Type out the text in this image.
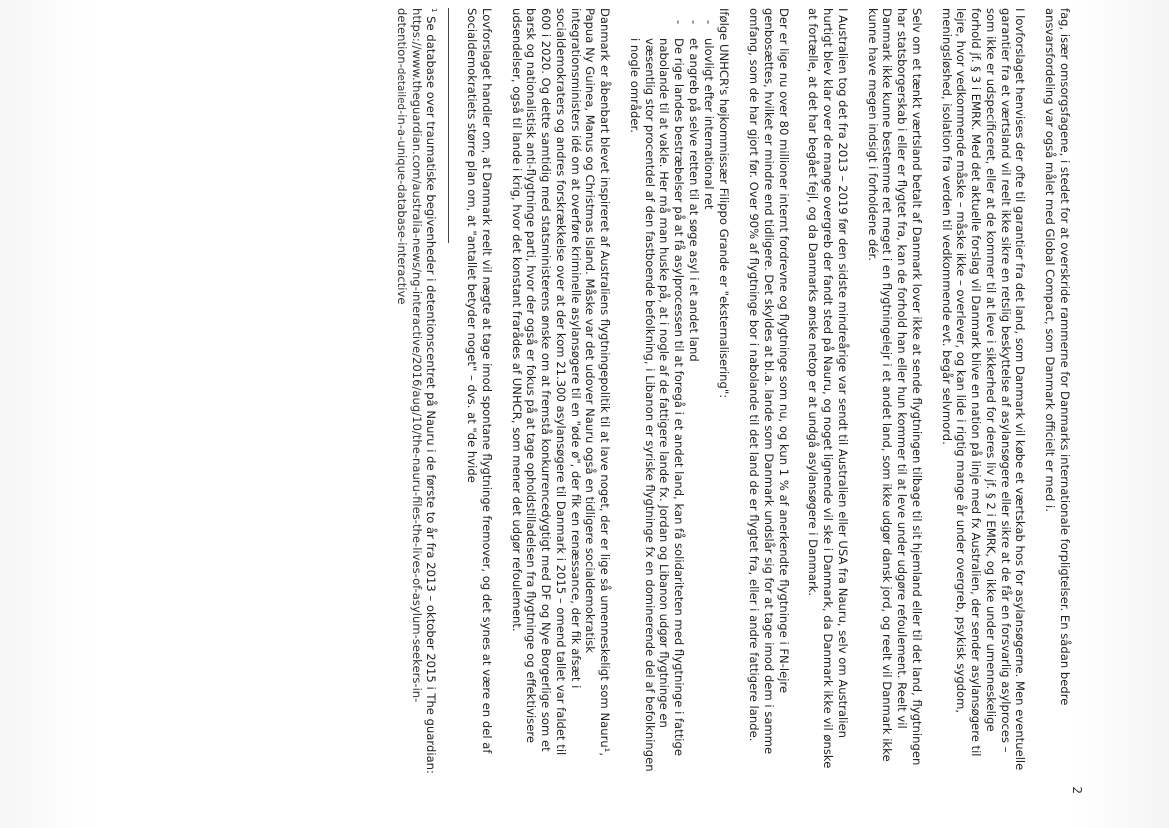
2

fag, især omsorgsfagene, i stedet for at overskride rammerne for Danmarks internationale forpligtelser. En sådan bedre ansvarsfordeling var også målet med Global Compact, som Danmark officielt er med i.

I lovforslaget henvises der ofte til garantier fra det land, som Danmark vil købe et værtskab hos for asylansøgerne. Men eventuelle garantier fra et værtsland vil reelt ikke sikre en retslig beskyttelse af asylansøgere eller sikre at de får en forsvarlig asylproces – som ikke er udspecificeret, eller at de kommer til at leve i sikkerhed for deres liv jf. § 2 i EMRK, og ikke under umenneskelige forhold jf. § 3 i EMRK. Med det aktuelle forslag vil Danmark blive en nation på linje med fx Australien, der sender asylansøgere til lejre, hvor vedkommende måske – måske ikke – overlever, og kan lide i rigtig mange år under overgreb, psykisk sygdom, meningsløshed, isolation fra verden til vedkommende evt. begår selvmord.

Selv om et tænkt værtsland betalt af Danmark lover ikke at sende flygtningen tilbage til sit hjemland eller til det land, flygtningen har statsborgerskab i eller er flygtet fra, kan de forhold han eller hun kommer til at leve under udgøre refoulement. Reelt vil Danmark ikke kunne bestemme ret meget i en flygtningelejr i et andet land, som ikke udgør dansk jord, og reelt vil Danmark ikke kunne have megen indsigt i forholdene dér.

I Australien tog det fra 2013 – 2019 før den sidste mindreårige var sendt til Australien eller USA fra Nauru, selv om Australien hurtigt blev klar over de mange overgreb der fandt sted på Nauru, og noget lignende vil ske i Danmark, da Danmark ikke vil ønske at fortælle, at det har begået fejl, og da Danmarks ønske netop er at undgå asylansøgere i Danmark.

Der er lige nu over 80 millioner internt fordrevne og flygtninge som nu, og kun 1 % af anerkendte flygtninge i FN-lejre genbosættes, hvilket er mindre end tidligere. Det skyldes at bl.a. lande som Danmark undslår sig for at tage imod dem i samme omfang, som de har gjort før. Over 90% af flygtninge bor i nabolande til det land de er flygtet fra, eller i andre fattigere lande.

Ifølge UNHCR's højkommissær Filippo Grande er "eksternalisering":

- ulovligt efter international ret
- et angreb på selve retten til at søge asyl i et andet land
- De rige landes bestræbelser på at få asylprocessen til at foregå i et andet land, kan få solidariteten med flygtninge i fattige nabolande til at vakle. Her må man huske på, at i nogle af de fattigere lande fx. Jordan og Libanon udgør flygtninge en væsentlig stor procentdel af den fastboende befolkning, i Libanon er syriske flygtninge fx en dominerende del af befolkningen i nogle områder.

Danmark er åbenbart blevet inspireret af Australiens flygtningepolitik til at lave noget, der er lige så umenneskeligt som Nauru¹, Papua Ny Guinea, Manus og Christmas Island. Måske var det udover Nauru også en tidligere socialdemokratisk integrationsministers idé om at overføre kriminelle asylansøgere til en "øde ø", der fik en renæssance, der fik afsæt i socialdemokraters og andres forskrækkelse over at der kom 21.300 asylansøgere til Danmark i 2015 – omend tallet var faldet til 600 i 2020. Og dette samtidig med statsministerens ønske om at fremstå konkurrencedygtigt med DF og Nye Borgerlige som et barsk og nationalistisk anti-flygtninge parti, hvor der også er fokus på at tage opholdstilladelsen fra flygtninge og effektivisere udsendelser, også til lande i krig, hvor det konstant frarådes af UNHCR, som mener det udgør refoulement.

Lovforslaget handler om, at Danmark reelt vil nægte at tage imod spontane flygtninge fremover, og det synes at være en del af Socialdemokratiets større plan om, at "antallet betyder noget" – dvs. at "de hvide

$^1$ Se database over traumatiske begivenheder i detentionscentret på Nauru i de første to år fra 2013 – oktober 2015 i The guardian:
https://www.theguardian.com/australia-news/ng-interactive/2016/aug/10/the-nauru-files-the-lives-of-asylum-seekers-in-
detention-detailed-in-a-unique-database-interactive
